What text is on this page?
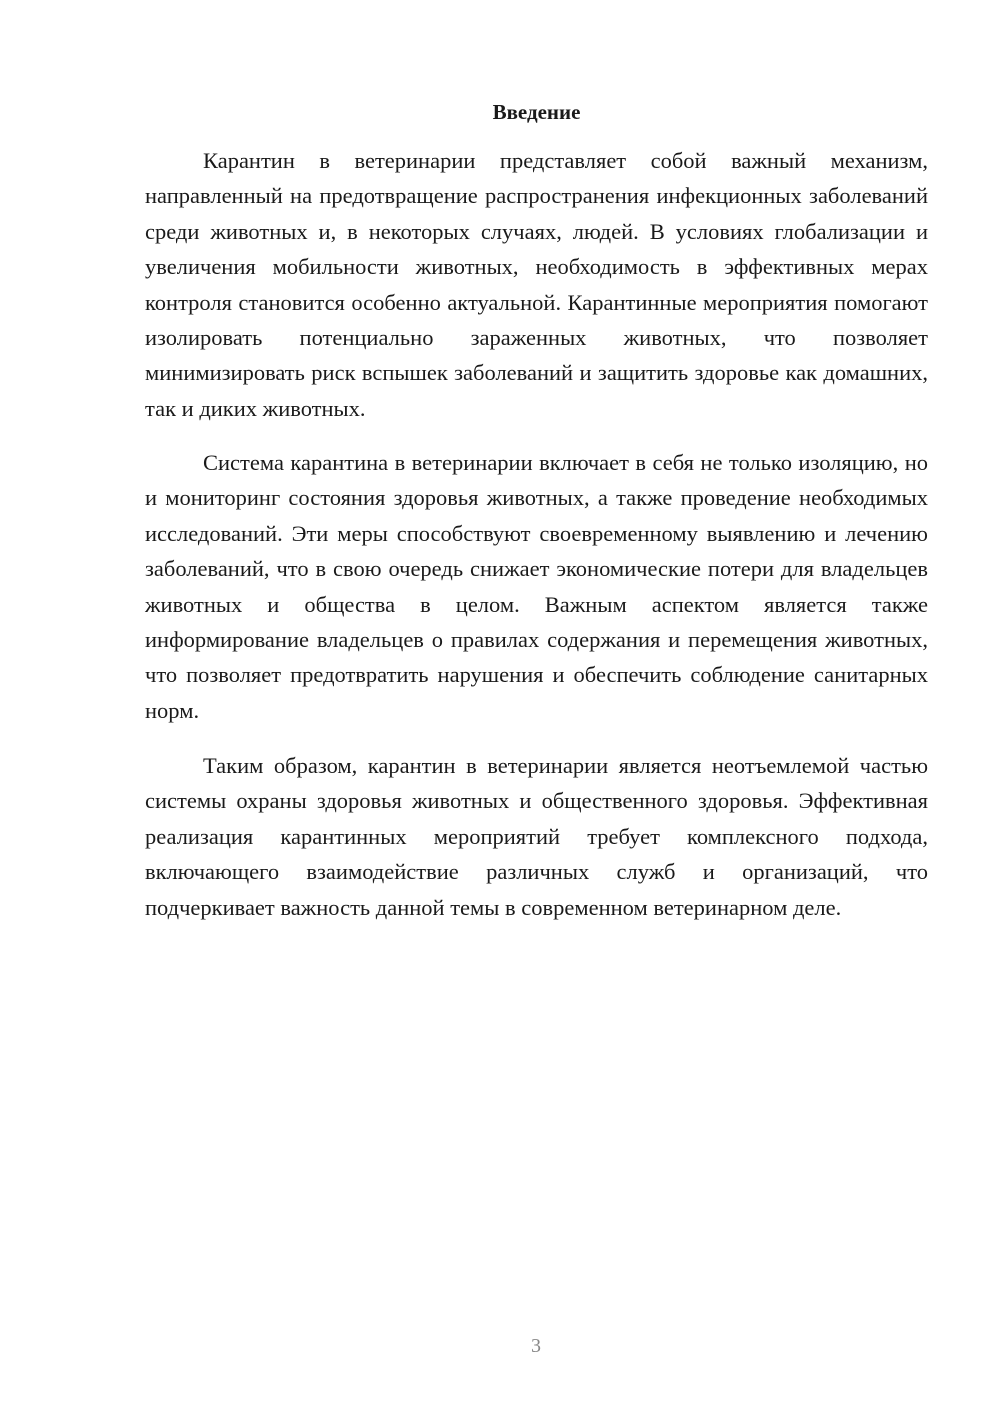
Введение

Карантин в ветеринарии представляет собой важный механизм, направленный на предотвращение распространения инфекционных заболеваний среди животных и, в некоторых случаях, людей. В условиях глобализации и увеличения мобильности животных, необходимость в эффективных мерах контроля становится особенно актуальной. Карантинные мероприятия помогают изолировать потенциально зараженных животных, что позволяет минимизировать риск вспышек заболеваний и защитить здоровье как домашних, так и диких животных.

Система карантина в ветеринарии включает в себя не только изоляцию, но и мониторинг состояния здоровья животных, а также проведение необходимых исследований. Эти меры способствуют своевременному выявлению и лечению заболеваний, что в свою очередь снижает экономические потери для владельцев животных и общества в целом. Важным аспектом является также информирование владельцев о правилах содержания и перемещения животных, что позволяет предотвратить нарушения и обеспечить соблюдение санитарных норм.

Таким образом, карантин в ветеринарии является неотъемлемой частью системы охраны здоровья животных и общественного здоровья. Эффективная реализация карантинных мероприятий требует комплексного подхода, включающего взаимодействие различных служб и организаций, что подчеркивает важность данной темы в современном ветеринарном деле.

3
